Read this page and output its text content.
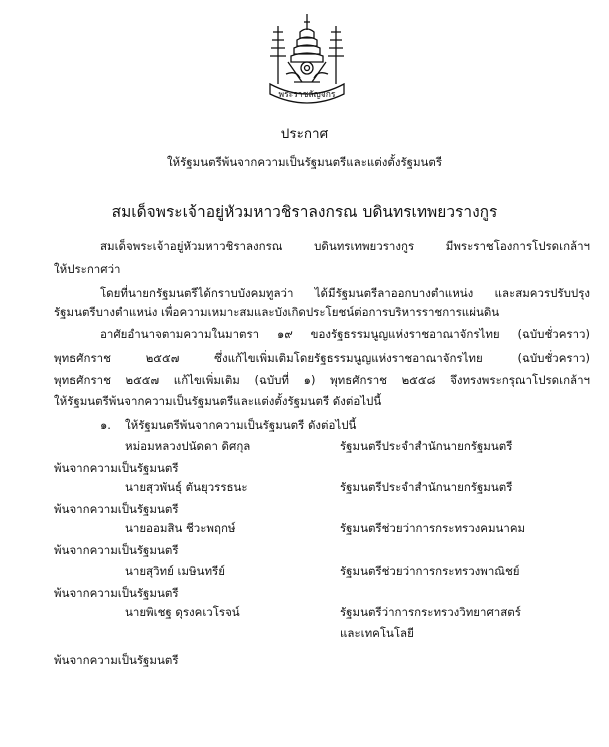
พระราชลัญจกร
ประกาศ
ให้รัฐมนตรีพ้นจากความเป็นรัฐมนตรีและแต่งตั้งรัฐมนตรี
สมเด็จพระเจ้าอยู่หัวมหาวชิราลงกรณ บดินทรเทพยวรางกูร
สมเด็จพระเจ้าอยู่หัวมหาวชิราลงกรณ บดินทรเทพยวรางกูร มีพระราชโองการโปรดเกล้าฯ
ให้ประกาศว่า
โดยที่นายกรัฐมนตรีได้กราบบังคมทูลว่า ได้มีรัฐมนตรีลาออกบางตำแหน่ง และสมควรปรับปรุง
รัฐมนตรีบางตำแหน่ง เพื่อความเหมาะสมและบังเกิดประโยชน์ต่อการบริหารราชการแผ่นดิน
อาศัยอำนาจตามความในมาตรา ๑๙ ของรัฐธรรมนูญแห่งราชอาณาจักรไทย (ฉบับชั่วคราว)
พุทธศักราช ๒๕๕๗ ซึ่งแก้ไขเพิ่มเติมโดยรัฐธรรมนูญแห่งราชอาณาจักรไทย (ฉบับชั่วคราว)
พุทธศักราช ๒๕๕๗ แก้ไขเพิ่มเติม (ฉบับที่ ๑) พุทธศักราช ๒๕๕๘ จึงทรงพระกรุณาโปรดเกล้าฯ
ให้รัฐมนตรีพ้นจากความเป็นรัฐมนตรีและแต่งตั้งรัฐมนตรี ดังต่อไปนี้
๑. ให้รัฐมนตรีพ้นจากความเป็นรัฐมนตรี ดังต่อไปนี้
หม่อมหลวงปนัดดา ดิศกุล	รัฐมนตรีประจำสำนักนายกรัฐมนตรี
พ้นจากความเป็นรัฐมนตรี
นายสุวพันธุ์ ตันยุวรรธนะ	รัฐมนตรีประจำสำนักนายกรัฐมนตรี
พ้นจากความเป็นรัฐมนตรี
นายออมสิน ชีวะพฤกษ์	รัฐมนตรีช่วยว่าการกระทรวงคมนาคม
พ้นจากความเป็นรัฐมนตรี
นายสุวิทย์ เมษินทรีย์	รัฐมนตรีช่วยว่าการกระทรวงพาณิชย์
พ้นจากความเป็นรัฐมนตรี
นายพิเชฐ ดุรงคเวโรจน์	รัฐมนตรีว่าการกระทรวงวิทยาศาสตร์
และเทคโนโลยี
พ้นจากความเป็นรัฐมนตรี
